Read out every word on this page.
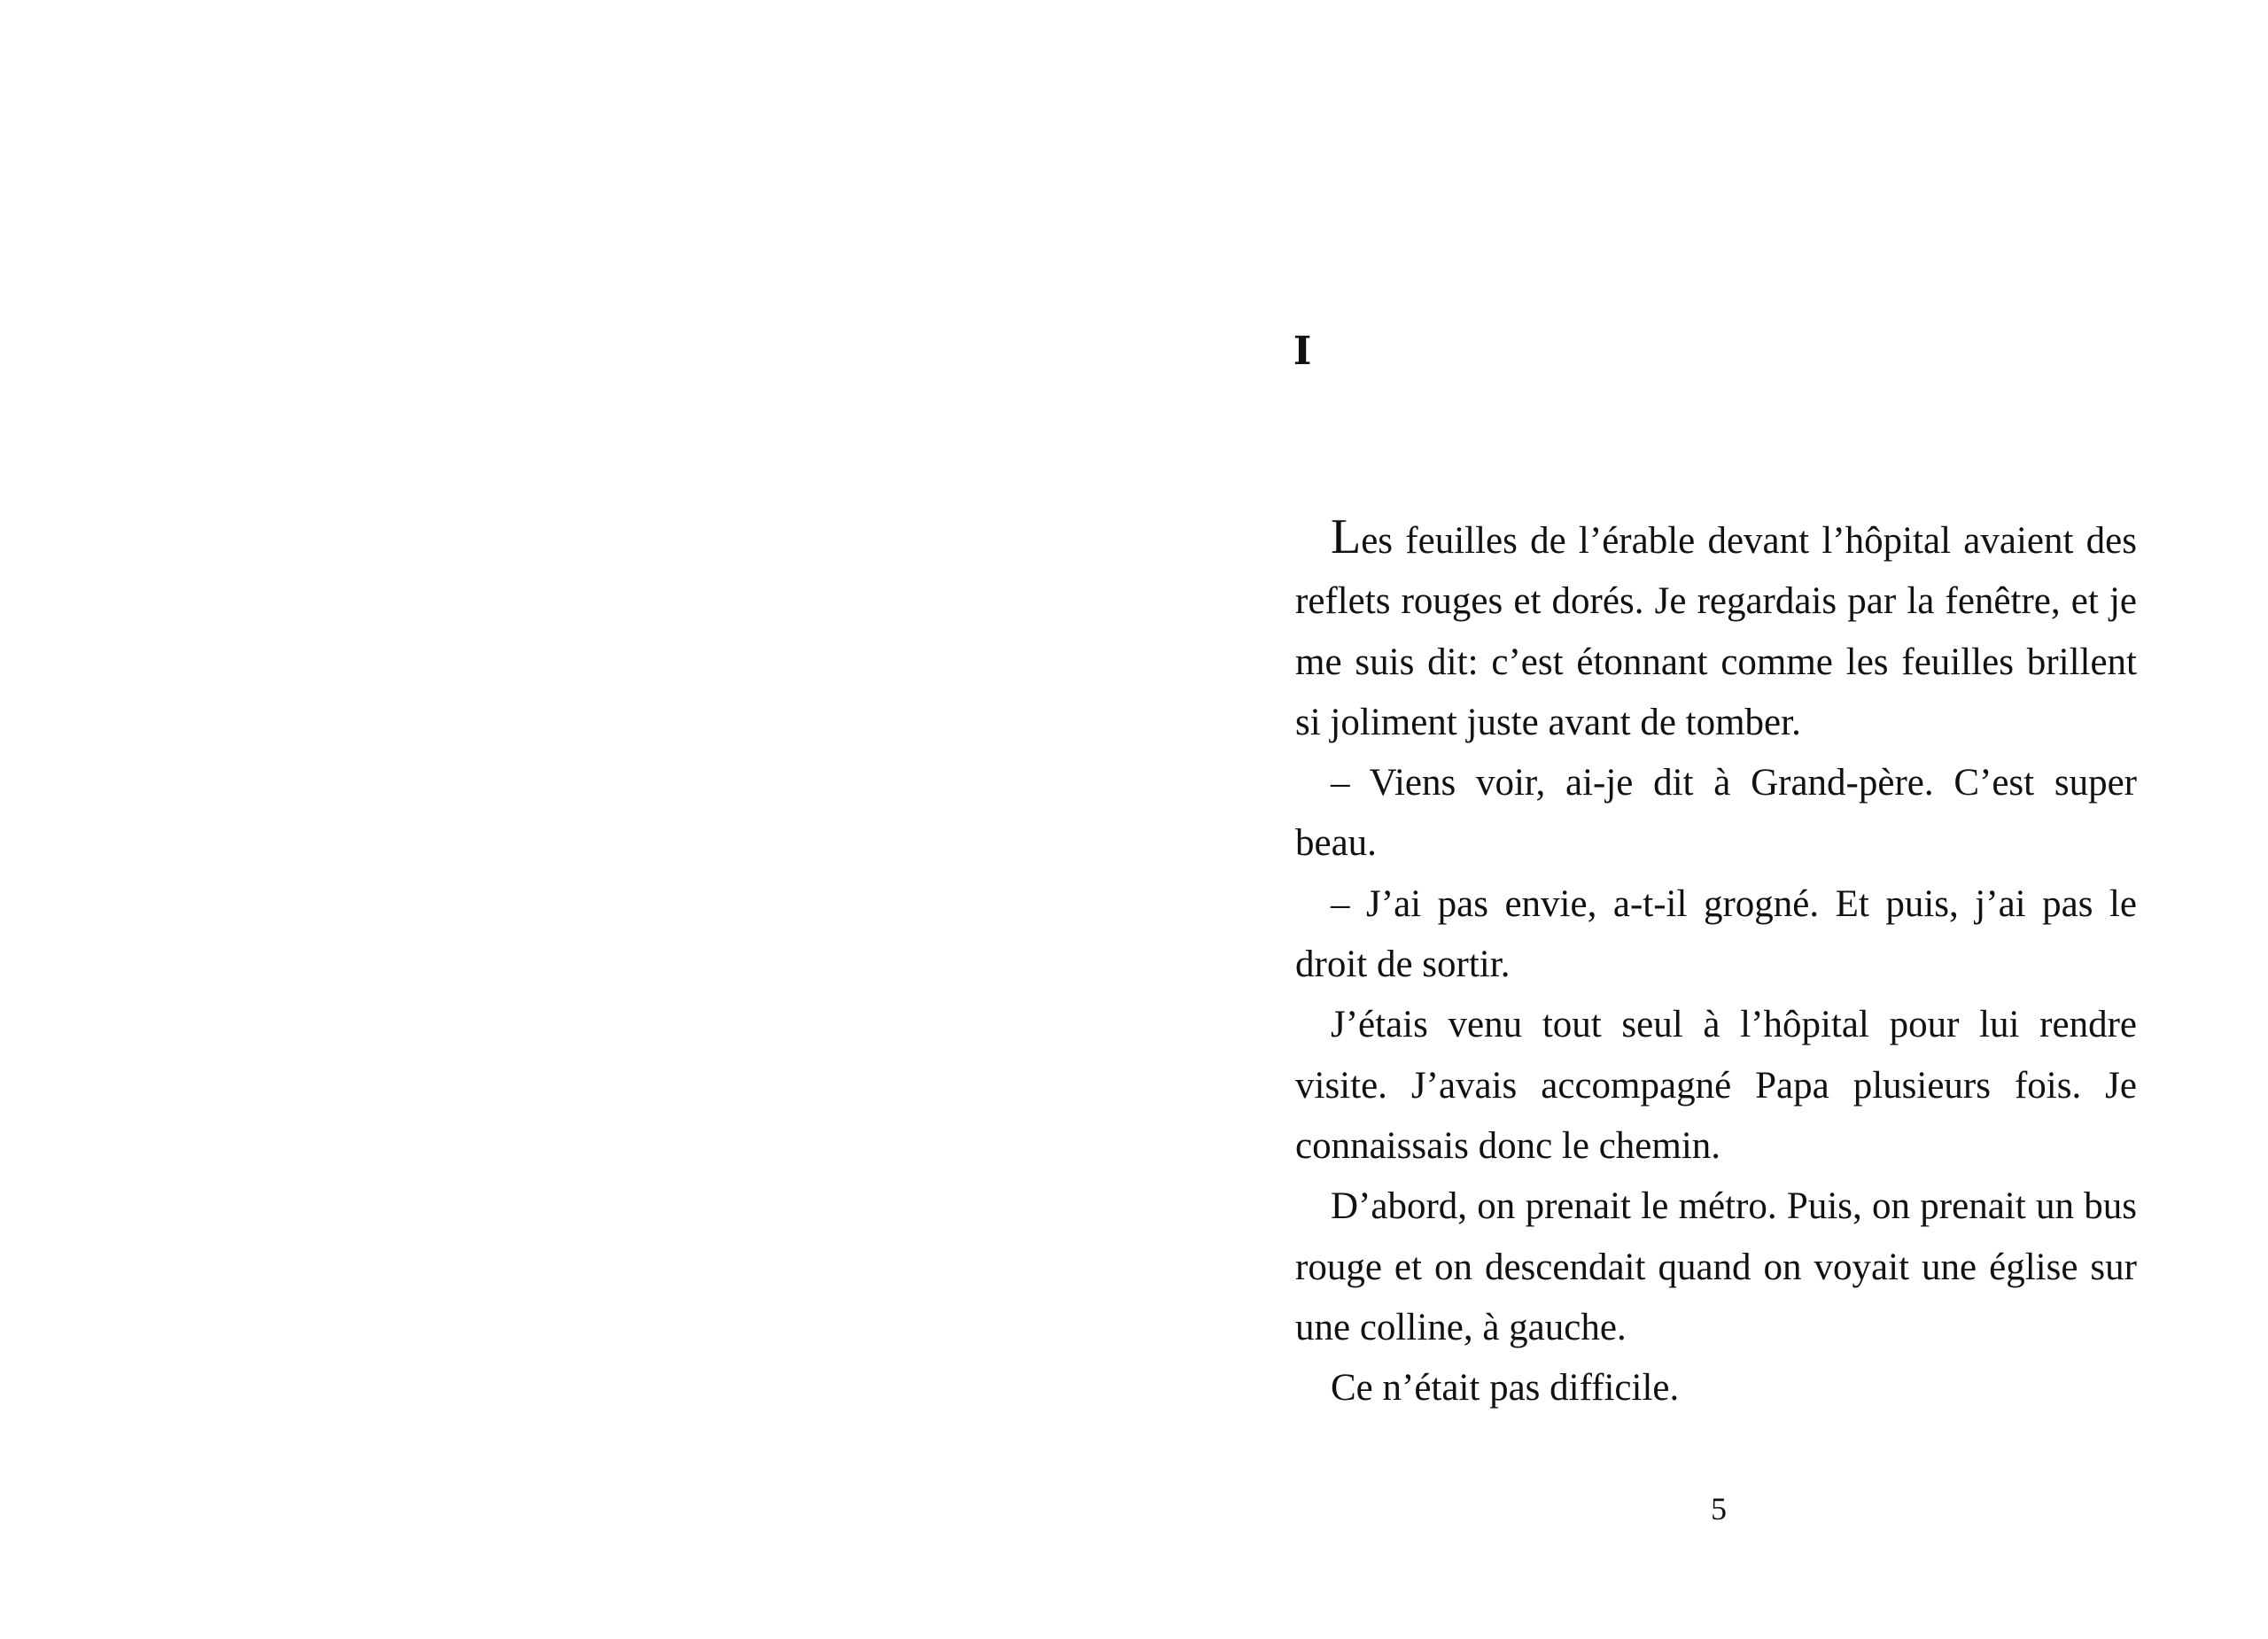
I

Les feuilles de l’érable devant l’hôpital avaient des reflets rouges et dorés. Je regardais par la fenêtre, et je me suis dit: c’est étonnant comme les feuilles brillent si joliment juste avant de tomber.

– Viens voir, ai-je dit à Grand-père. C’est super beau.

– J’ai pas envie, a-t-il grogné. Et puis, j’ai pas le droit de sortir.

J’étais venu tout seul à l’hôpital pour lui rendre visite. J’avais accompagné Papa plusieurs fois. Je connaissais donc le chemin.

D’abord, on prenait le métro. Puis, on prenait un bus rouge et on descendait quand on voyait une église sur une colline, à gauche.

Ce n’était pas difficile.

5
